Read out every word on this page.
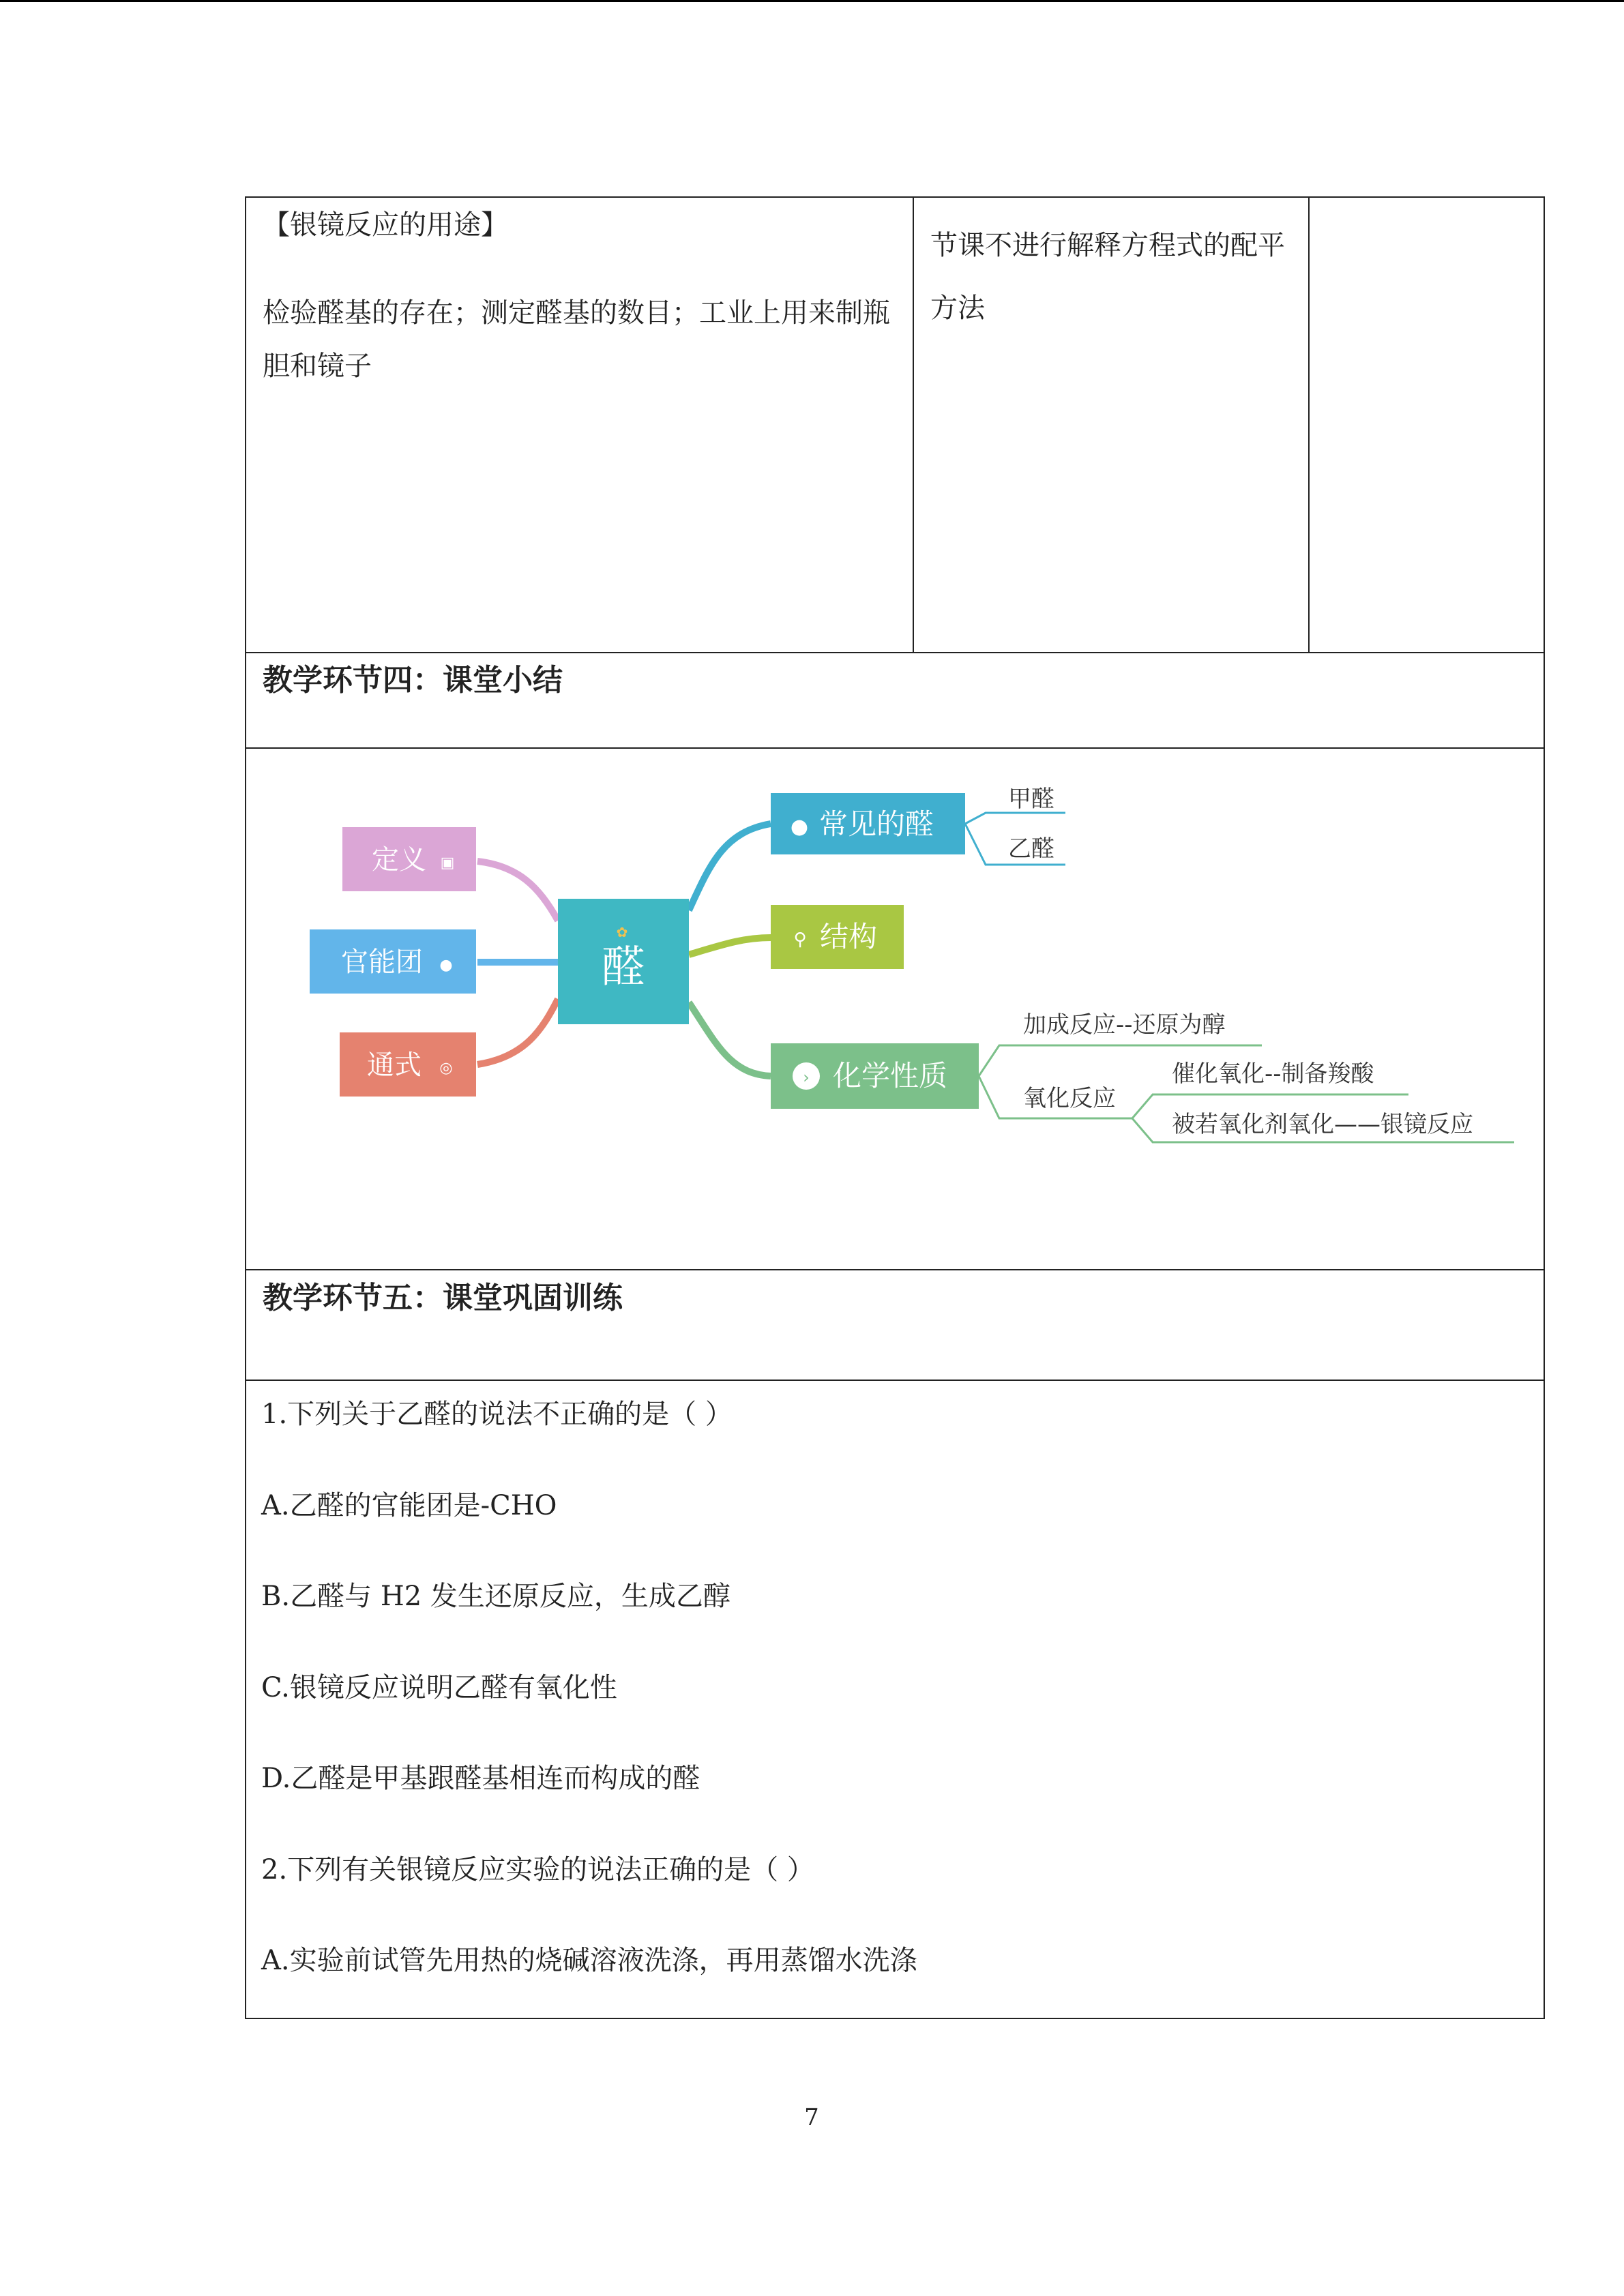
【银镜反应的用途】
检验醛基的存在；测定醛基的数目；工业上用来制瓶胆和镜子
节课不进行解释方程式的配平方法
教学环节四：课堂小结
教学环节五：课堂巩固训练
1.下列关于乙醛的说法不正确的是（ ）
A.乙醛的官能团是-CHO
B.乙醛与 H2 发生还原反应，生成乙醇
C.银镜反应说明乙醛有氧化性
D.乙醛是甲基跟醛基相连而构成的醛
2.下列有关银镜反应实验的说法正确的是（ ）
A.实验前试管先用热的烧碱溶液洗涤，再用蒸馏水洗涤
醛
✿
定义 ▣
官能团 ●
通式 ◎
● 常见的醛
⚲ 结构
› 化学性质
甲醛
乙醛
加成反应--还原为醇
氧化反应
催化氧化--制备羧酸
被若氧化剂氧化——银镜反应
7
